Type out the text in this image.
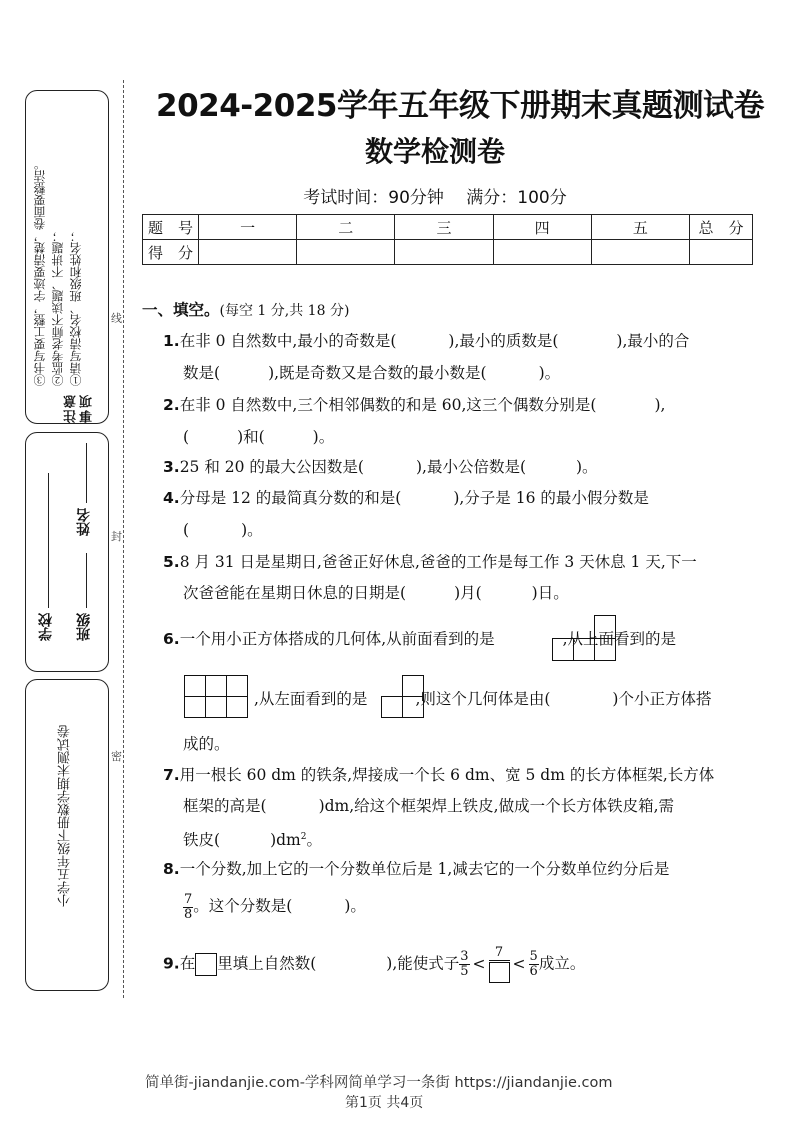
注意事项
①请写清校名、班级和姓名；
②监考老师不读题、不讲题；
③书写要工整，字迹要清楚，卷面要整洁。
学校 班级
姓名
小学五年级下册数学期末测试卷
线
封
密
2024-2025学年五年级下册期末真题测试卷
数学检测卷
考试时间：90分钟　 满分：100分
题　号	一	二	三	四	五	总　分
得　分						
一、填空。(每空 1 分,共 18 分)
1.在非 0 自然数中,最小的奇数是(	),最小的质数是(	),最小的合
数是(	),既是奇数又是合数的最小数是(	)。
2.在非 0 自然数中,三个相邻偶数的和是 60,这三个偶数分别是(	),
(	)和(	)。
3.25 和 20 的最大公因数是(	),最小公倍数是(	)。
4.分母是 12 的最简真分数的和是(	),分子是 16 的最小假分数是
(	)。
5.8 月 31 日是星期日,爸爸正好休息,爸爸的工作是每工作 3 天休息 1 天,下一
次爸爸能在星期日休息的日期是(	)月(	)日。
6.一个用小正方体搭成的几何体,从前面看到的是	,从上面看到的是
,从左面看到的是	,则这个几何体是由(	)个小正方体搭
成的。
7.用一根长 60 dm 的铁条,焊接成一个长 6 dm、宽 5 dm 的长方体框架,长方体
框架的高是(	)dm,给这个框架焊上铁皮,做成一个长方体铁皮箱,需
铁皮(	)$dm^2$。
8.一个分数,加上它的一个分数单位后是 1,减去它的一个分数单位约分后是
$\frac{7}{8}$ 。这个分数是(	)。
9.在 里填上自然数(	),能使式子 $\frac{3}{5}$ <
7
< $\frac{5}{6}$ 成立。
简单街-jiandanjie.com-学科网简单学习一条街 https://jiandanjie.com
第1页 共4页
